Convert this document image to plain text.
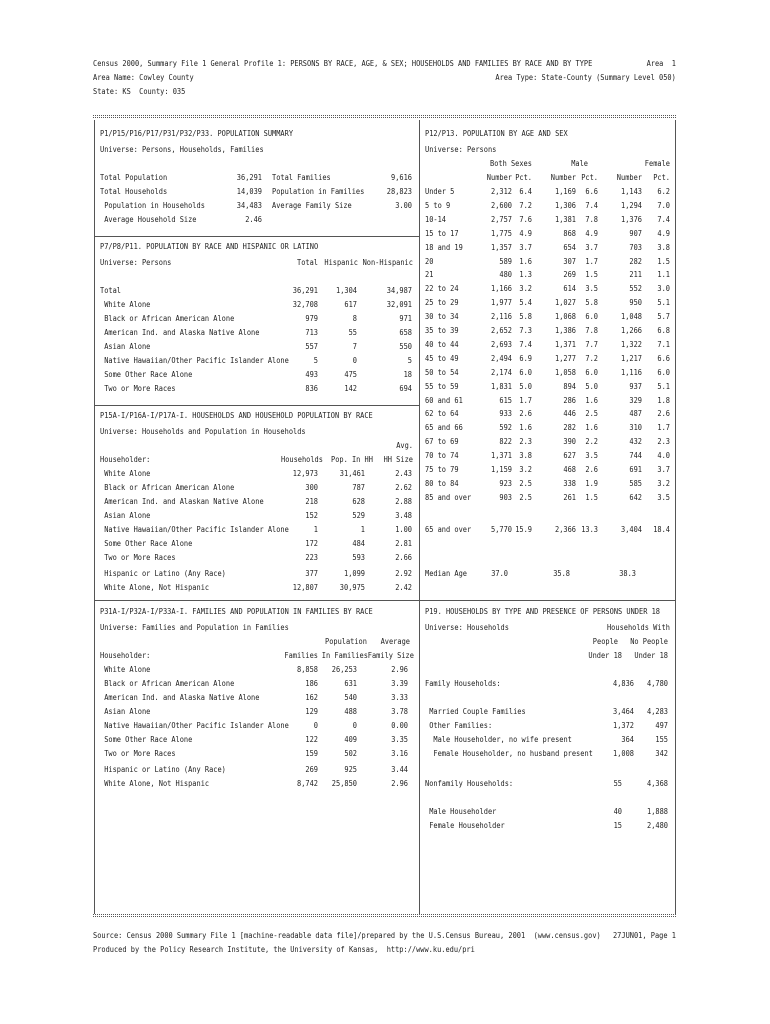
Census 2000, Summary File 1 General Profile 1: PERSONS BY RACE, AGE, & SEX; HOUSEHOLDS AND FAMILIES BY RACE AND BY TYPE	Area  1
Area Name: Cowley County	Area Type: State-County (Summary Level 050)
State: KS  County: 035
P1/P15/P16/P17/P31/P32/P33. POPULATION SUMMARY
Universe: Persons, Households, Families
Total Population	36,291 Total Families	9,616
Total Households	14,039 Population in Families	28,823
Population in Households	34,483 Average Family Size	3.00
Average Household Size	2.46
P7/P8/P11. POPULATION BY RACE AND HISPANIC OR LATINO
Universe: Persons	Total Hispanic Non-Hispanic
Total	36,291 1,304	34,987
White Alone	32,708	617	32,091
Black or African American Alone	979	8	971
American Ind. and Alaska Native Alone	713	55	658
Asian Alone	557	7	550
Native Hawaiian/Other Pacific Islander Alone	5	0	5
Some Other Race Alone	493	475	18
Two or More Races	836	142	694
P15A-I/P16A-I/P17A-I. HOUSEHOLDS AND HOUSEHOLD POPULATION BY RACE
Universe: Households and Population in Households
Avg.
Households Pop. In HH HH Size
Householder:
White Alone	12,973	31,461	2.43
Black or African American Alone	300	787	2.62
American Ind. and Alaskan Native Alone	218	628	2.88
Asian Alone	152	529	3.48
Native Hawaiian/Other Pacific Islander Alone	1	1	1.00
Some Other Race Alone	172	484	2.81
Two or More Races	223	593	2.66
Hispanic or Latino (Any Race)	377	1,099	2.92
White Alone, Not Hispanic	12,807	30,975	2.42
P31A-I/P32A-I/P33A-I. FAMILIES AND POPULATION IN FAMILIES BY RACE
Universe: Families and Population in Families
Population Average
Families In Families Family Size
Householder:
White Alone	8,858 26,253	2.96
Black or African American Alone	186	631	3.39
American Ind. and Alaska Native Alone	162	540	3.33
Asian Alone	129	488	3.78
Native Hawaiian/Other Pacific Islander Alone	0	0	0.00
Some Other Race Alone	122	409	3.35
Two or More Races	159	502	3.16
Hispanic or Latino (Any Race)	269	925	3.44
White Alone, Not Hispanic	8,742 25,850	2.96
P12/P13. POPULATION BY AGE AND SEX
Universe: Persons
Both Sexes	Male	Female
Number Pct. Number Pct. Number Pct.
Under 5	2,312 6.4	1,169 6.6	1,143 6.2
5 to 9	2,600 7.2	1,306 7.4	1,294 7.0
10-14	2,757 7.6	1,381 7.8	1,376 7.4
15 to 17	1,775 4.9	868 4.9	907 4.9
18 and 19	1,357 3.7	654 3.7	703 3.8
20	589 1.6	307 1.7	282 1.5
21	480 1.3	269 1.5	211 1.1
22 to 24	1,166 3.2	614 3.5	552 3.0
25 to 29	1,977 5.4	1,027 5.8	950 5.1
30 to 34	2,116 5.8	1,068 6.0	1,048 5.7
35 to 39	2,652 7.3	1,386 7.8	1,266 6.8
40 to 44	2,693 7.4	1,371 7.7	1,322 7.1
45 to 49	2,494 6.9	1,277 7.2	1,217 6.6
50 to 54	2,174 6.0	1,058 6.0	1,116 6.0
55 to 59	1,831 5.0	894 5.0	937 5.1
60 and 61	615 1.7	286 1.6	329 1.8
62 to 64	933 2.6	446 2.5	487 2.6
65 and 66	592 1.6	282 1.6	310 1.7
67 to 69	822 2.3	390 2.2	432 2.3
70 to 74	1,371 3.8	627 3.5	744 4.0
75 to 79	1,159 3.2	468 2.6	691 3.7
80 to 84	923 2.5	338 1.9	585 3.2
85 and over	903 2.5	261 1.5	642 3.5
65 and over 5,770 15.9	2,366 13.3	3,404 18.4
Median Age	37.0	35.8	38.3
P19. HOUSEHOLDS BY TYPE AND PRESENCE OF PERSONS UNDER 18
Universe: Households	Households With
People No People
Under 18 Under 18
Family Households:	4,836 4,780
Married Couple Families	3,464 4,283
Other Families:	1,372	497
Male Householder, no wife present	364	155
Female Householder, no husband present 1,008	342
Nonfamily Households:	55	4,368
Male Householder	40	1,888
Female Householder	15	2,480
Source: Census 2000 Summary File 1 [machine-readable data file]/prepared by the U.S.Census Bureau, 2001  (www.census.gov) 27JUN01, Page 1
Produced by the Policy Research Institute, the University of Kansas,  http://www.ku.edu/pri
